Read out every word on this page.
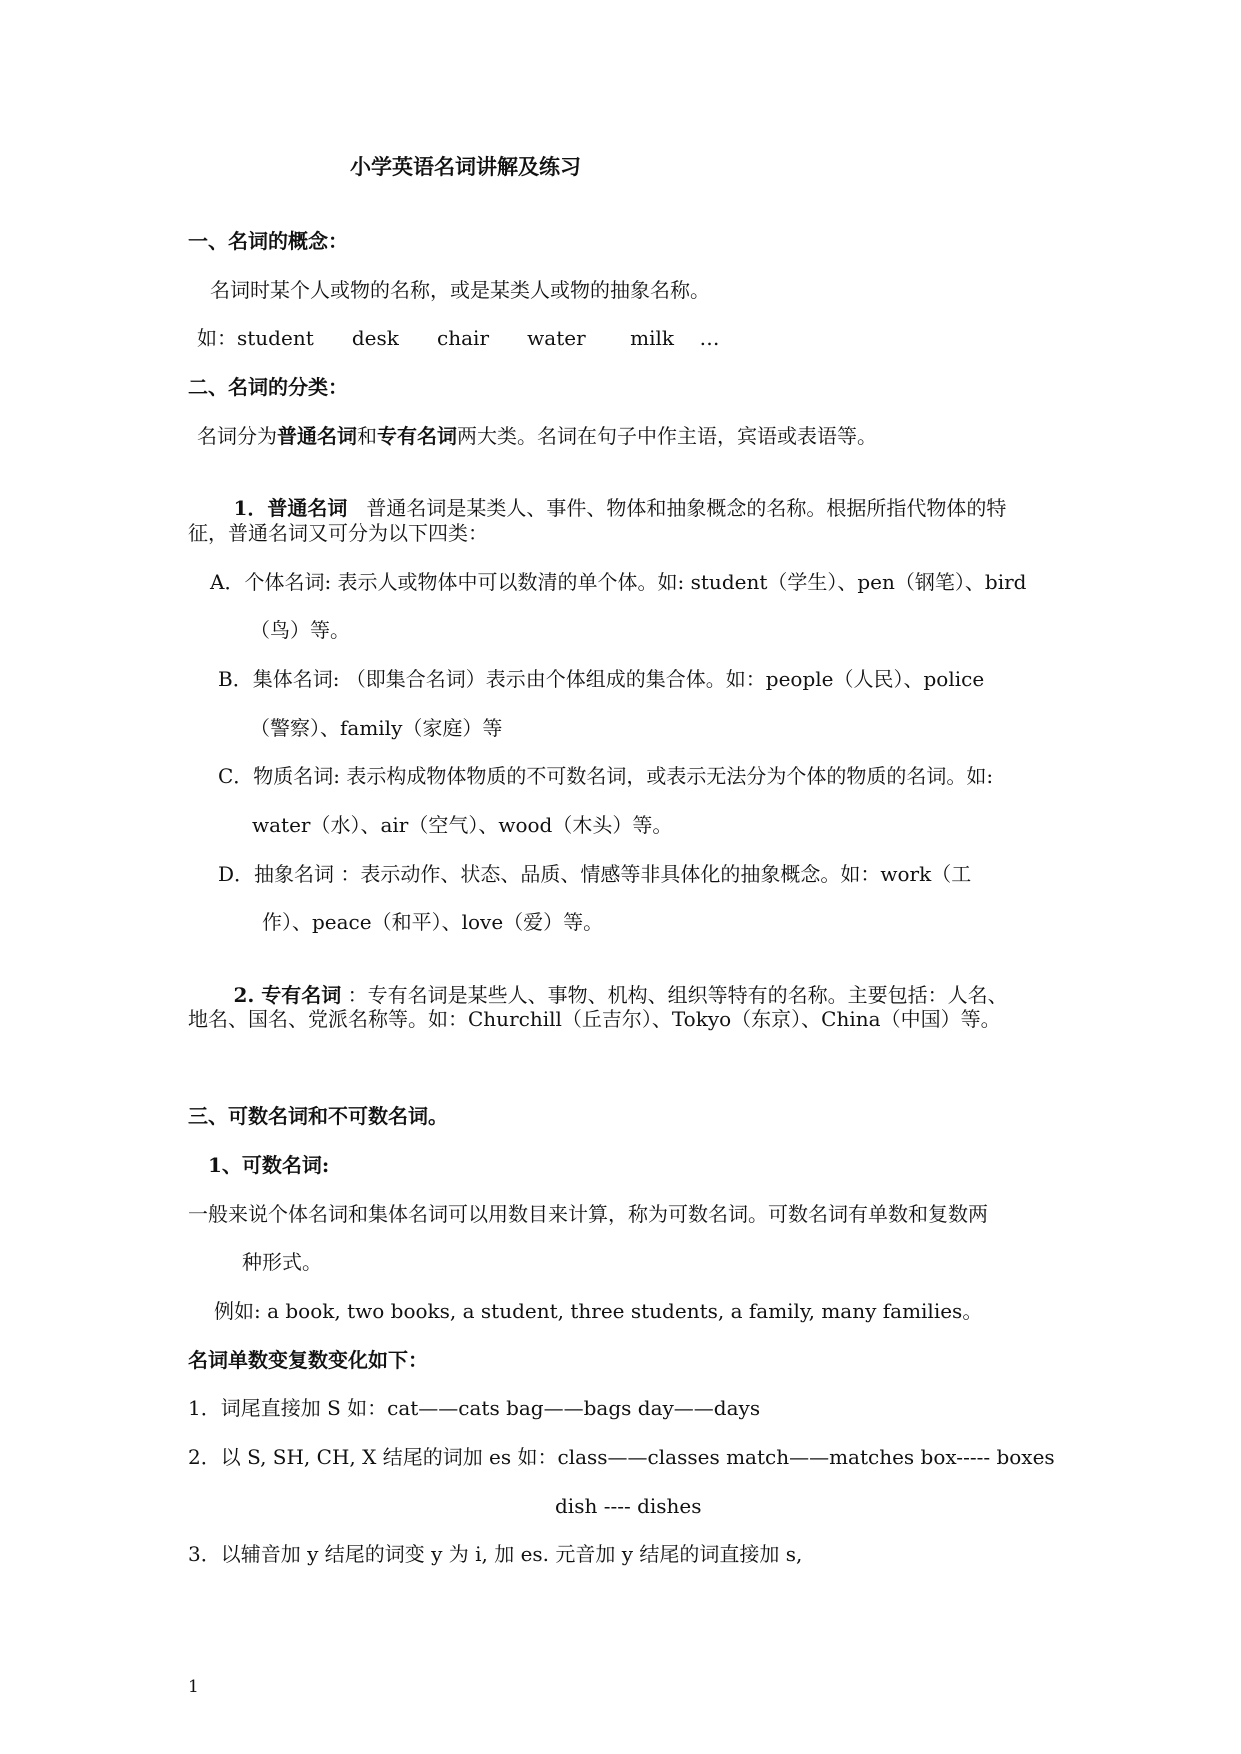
小学英语名词讲解及练习
一、名词的概念：
名词时某个人或物的名称，或是某类人或物的抽象名称。
如：student      desk      chair      water       milk    …
二、名词的分类：
名词分为普通名词和专有名词两大类。名词在句子中作主语，宾语或表语等。

1．普通名词   普通名词是某类人、事件、物体和抽象概念的名称。根据所指代物体的特

征，普通名词又可分为以下四类：
A．个体名词: 表示人或物体中可以数清的单个体。如: student（学生）、pen（钢笔）、bird
（鸟）等。
B．集体名词: （即集合名词）表示由个体组成的集合体。如：people（人民）、police
（警察）、family（家庭）等
C．物质名词: 表示构成物体物质的不可数名词，或表示无法分为个体的物质的名词。如:
water（水）、air（空气）、wood（木头）等。
D．抽象名词 ：表示动作、状态、品质、情感等非具体化的抽象概念。如：work（工
作）、peace（和平）、love（爱）等。

2. 专有名词 ：专有名词是某些人、事物、机构、组织等特有的名称。主要包括：人名、

地名、国名、党派名称等。如：Churchill（丘吉尔）、Tokyo（东京）、China（中国）等。
三、可数名词和不可数名词。
1、可数名词:
一般来说个体名词和集体名词可以用数目来计算，称为可数名词。可数名词有单数和复数两
种形式。
例如: a book, two books, a student, three students, a family, many families。
名词单数变复数变化如下：
1．词尾直接加 S 如：cat——cats bag——bags day——days
2．以 S, SH, CH, X 结尾的词加 es 如：class——classes match——matches box----- boxes
dish ---- dishes
3．以辅音加 y 结尾的词变 y 为 i, 加 es. 元音加 y 结尾的词直接加 s,
1
